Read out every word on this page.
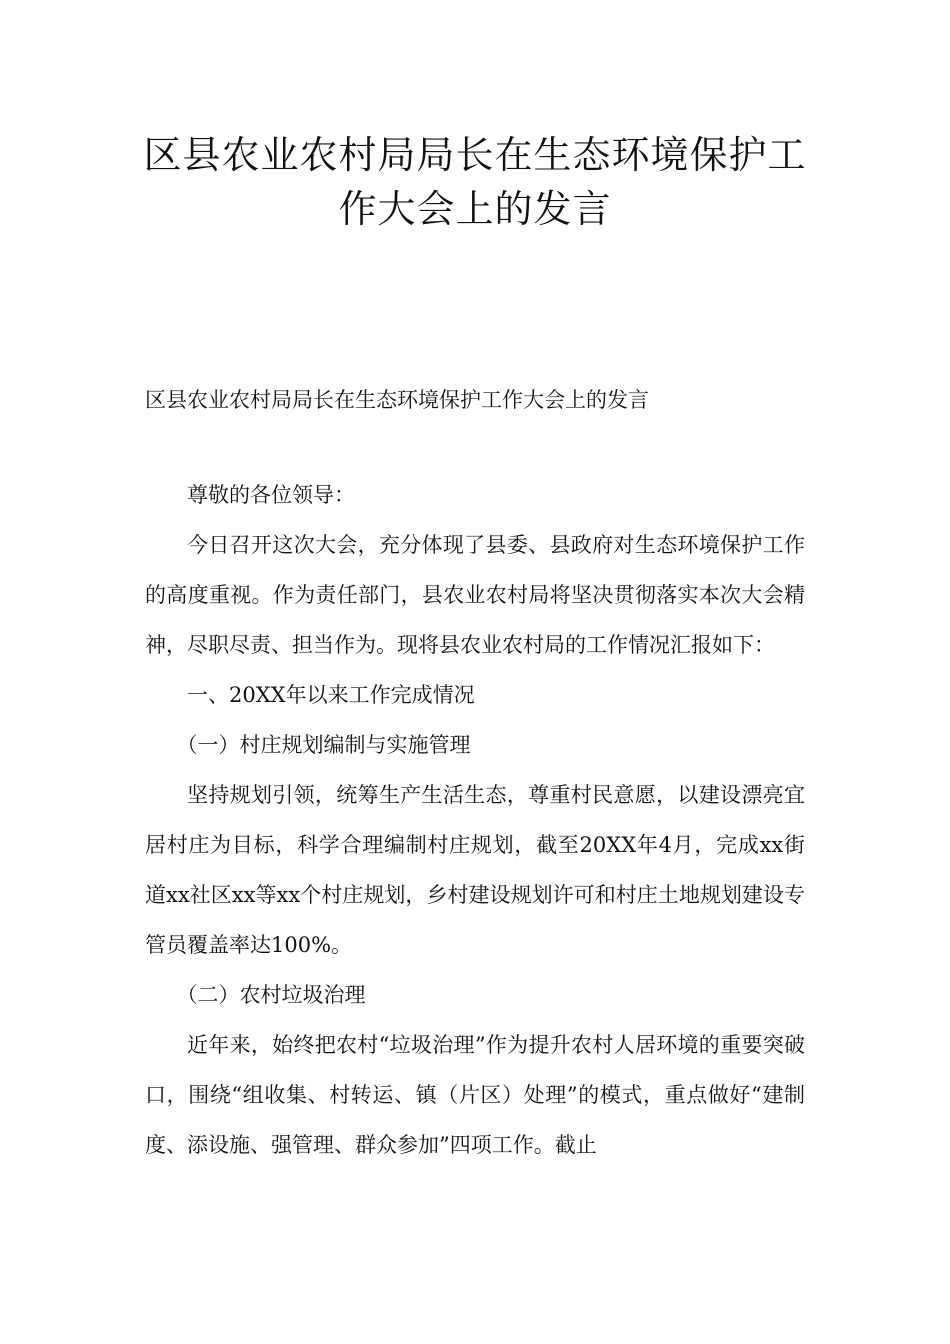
区县农业农村局局长在生态环境保护工
作大会上的发言
区县农业农村局局长在生态环境保护工作大会上的发言

尊敬的各位领导：

今日召开这次大会，充分体现了县委、县政府对生态环境保护工作的高度重视。作为责任部门，县农业农村局将坚决贯彻落实本次大会精神，尽职尽责、担当作为。现将县农业农村局的工作情况汇报如下：

一、20XX年以来工作完成情况

（一）村庄规划编制与实施管理

坚持规划引领，统筹生产生活生态，尊重村民意愿，以建设漂亮宜居村庄为目标，科学合理编制村庄规划，截至20XX年4月，完成xx街道xx社区xx等xx个村庄规划，乡村建设规划许可和村庄土地规划建设专管员覆盖率达100%。

（二）农村垃圾治理

近年来，始终把农村“垃圾治理”作为提升农村人居环境的重要突破口，围绕“组收集、村转运、镇（片区）处理”的模式，重点做好“建制度、添设施、强管理、群众参加”四项工作。截止
